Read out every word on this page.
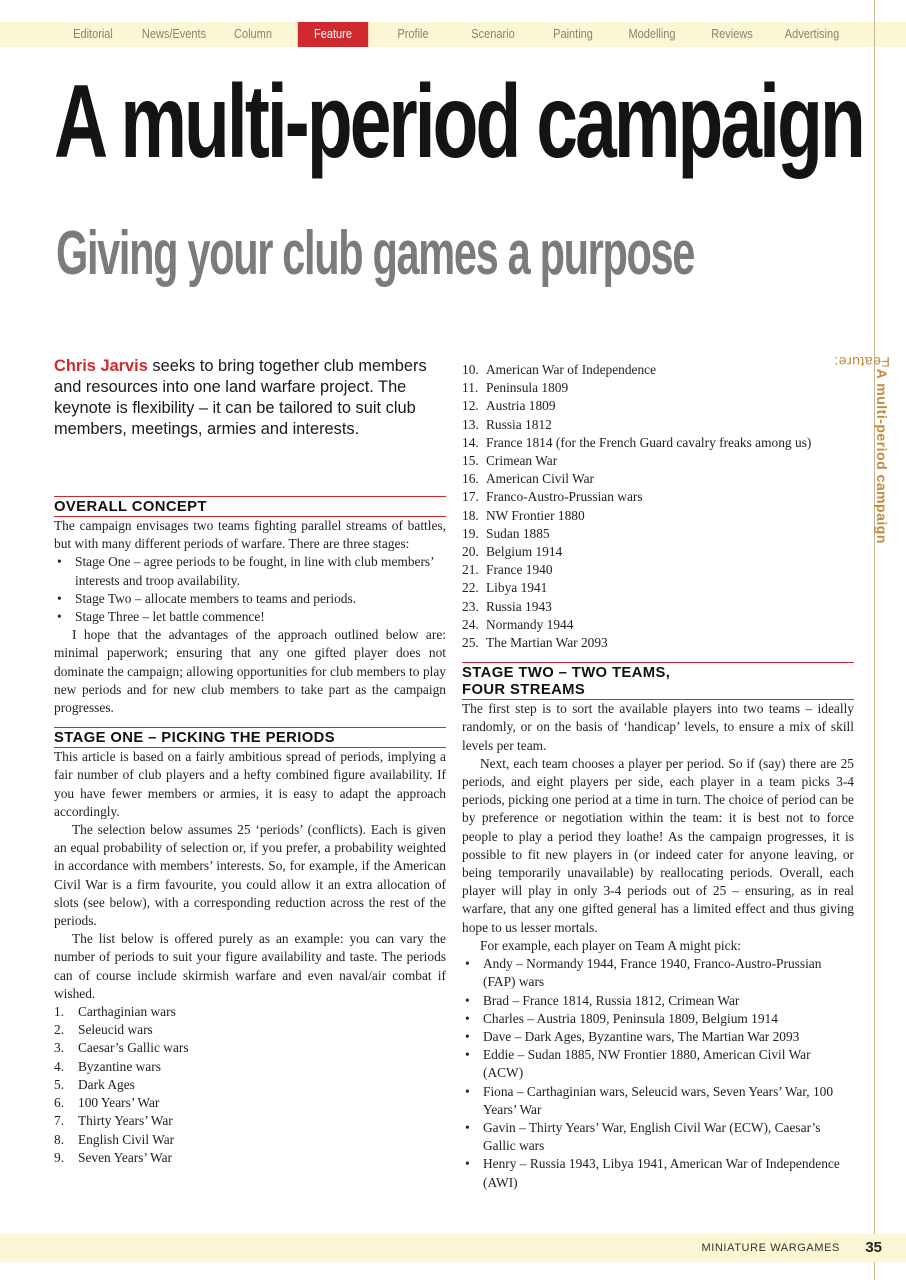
Editorial	News/Events	Column	Feature	Profile	Scenario	Painting	Modelling	Reviews	Advertising
Feature:
A multi-period campaign
A multi-period campaign
Giving your club games a purpose

Chris Jarvis seeks to bring together club members and resources into one land warfare project. The keynote is flexibility – it can be tailored to suit club members, meetings, armies and interests.

OVERALL CONCEPT

The campaign envisages two teams fighting parallel streams of battles, but with many different periods of warfare. There are three stages:

• Stage One – agree periods to be fought, in line with club members’ interests and troop availability.
• Stage Two – allocate members to teams and periods.
• Stage Three – let battle commence!

I hope that the advantages of the approach outlined below are: minimal paperwork; ensuring that any one gifted player does not dominate the campaign; allowing opportunities for club members to play new periods and for new club members to take part as the campaign progresses.

STAGE ONE – PICKING THE PERIODS

This article is based on a fairly ambitious spread of periods, implying a fair number of club players and a hefty combined figure availability. If you have fewer members or armies, it is easy to adapt the approach accordingly.

The selection below assumes 25 ‘periods’ (conflicts). Each is given an equal probability of selection or, if you prefer, a probability weighted in accordance with members’ interests. So, for example, if the American Civil War is a firm favourite, you could allow it an extra allocation of slots (see below), with a corresponding reduction across the rest of the periods.

The list below is offered purely as an example: you can vary the number of periods to suit your figure availability and taste. The periods can of course include skirmish warfare and even naval/air combat if wished.

1. Carthaginian wars
2. Seleucid wars
3. Caesar’s Gallic wars
4. Byzantine wars
5. Dark Ages
6. 100 Years’ War
7. Thirty Years’ War
8. English Civil War
9. Seven Years’ War
10. American War of Independence
11. Peninsula 1809
12. Austria 1809
13. Russia 1812
14. France 1814 (for the French Guard cavalry freaks among us)
15. Crimean War
16. American Civil War
17. Franco-Austro-Prussian wars
18. NW Frontier 1880
19. Sudan 1885
20. Belgium 1914
21. France 1940
22. Libya 1941
23. Russia 1943
24. Normandy 1944
25. The Martian War 2093
STAGE TWO – TWO TEAMS,
FOUR STREAMS

The first step is to sort the available players into two teams – ideally randomly, or on the basis of ‘handicap’ levels, to ensure a mix of skill levels per team.

Next, each team chooses a player per period. So if (say) there are 25 periods, and eight players per side, each player in a team picks 3-4 periods, picking one period at a time in turn. The choice of period can be by preference or negotiation within the team: it is best not to force people to play a period they loathe! As the campaign progresses, it is possible to fit new players in (or indeed cater for anyone leaving, or being temporarily unavailable) by reallocating periods. Overall, each player will play in only 3-4 periods out of 25 – ensuring, as in real warfare, that any one gifted general has a limited effect and thus giving hope to us lesser mortals.

For example, each player on Team A might pick:

• Andy – Normandy 1944, France 1940, Franco-Austro-Prussian (FAP) wars
• Brad – France 1814, Russia 1812, Crimean War
• Charles – Austria 1809, Peninsula 1809, Belgium 1914
• Dave – Dark Ages, Byzantine wars, The Martian War 2093
• Eddie – Sudan 1885, NW Frontier 1880, American Civil War (ACW)
• Fiona – Carthaginian wars, Seleucid wars, Seven Years’ War, 100 Years’ War
• Gavin – Thirty Years’ War, English Civil War (ECW), Caesar’s Gallic wars
• Henry – Russia 1943, Libya 1941, American War of Independence (AWI)
MINIATURE WARGAMES 35
